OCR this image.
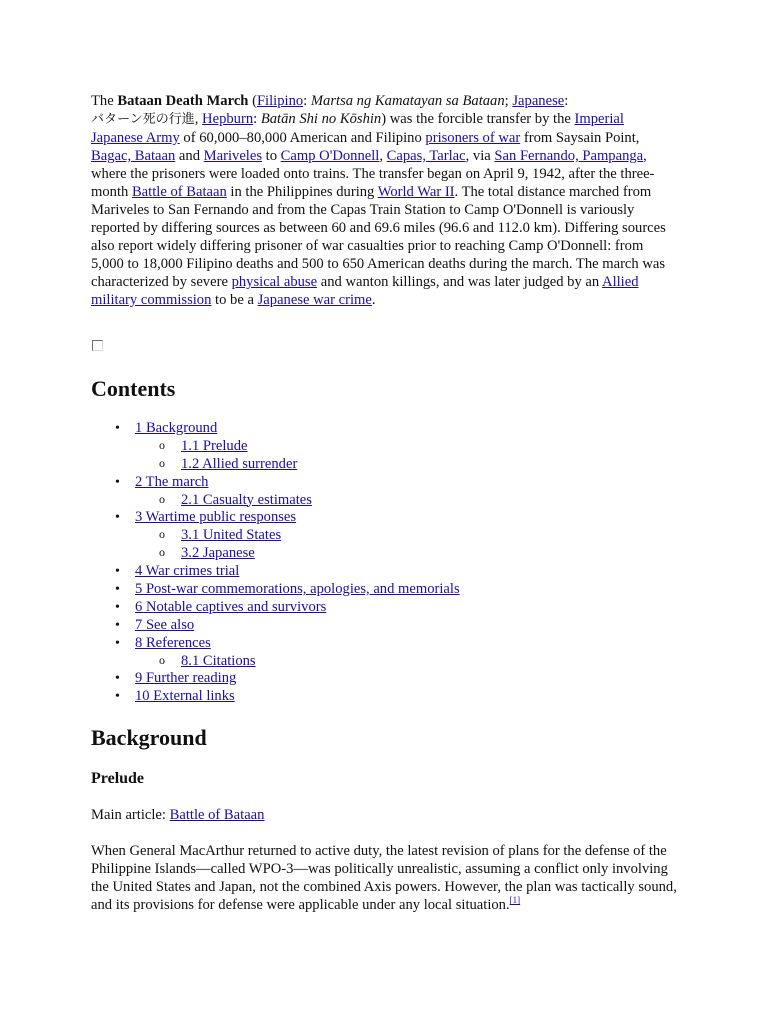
The Bataan Death March (Filipino: Martsa ng Kamatayan sa Bataan; Japanese:
バターン死の行進, Hepburn: Batān Shi no Kōshin) was the forcible transfer by the Imperial Japanese Army of 60,000–80,000 American and Filipino prisoners of war from Saysain Point, Bagac, Bataan and Mariveles to Camp O'Donnell, Capas, Tarlac, via San Fernando, Pampanga, where the prisoners were loaded onto trains. The transfer began on April 9, 1942, after the three-month Battle of Bataan in the Philippines during World War II. The total distance marched from Mariveles to San Fernando and from the Capas Train Station to Camp O'Donnell is variously reported by differing sources as between 60 and 69.6 miles (96.6 and 112.0 km). Differing sources also report widely differing prisoner of war casualties prior to reaching Camp O'Donnell: from 5,000 to 18,000 Filipino deaths and 500 to 650 American deaths during the march. The march was characterized by severe physical abuse and wanton killings, and was later judged by an Allied military commission to be a Japanese war crime.

Contents
• 1 Background
o 1.1 Prelude
o 1.2 Allied surrender
• 2 The march
o 2.1 Casualty estimates
• 3 Wartime public responses
o 3.1 United States
o 3.2 Japanese
• 4 War crimes trial
• 5 Post-war commemorations, apologies, and memorials
• 6 Notable captives and survivors
• 7 See also
• 8 References
o 8.1 Citations
• 9 Further reading
• 10 External links
Background
Prelude

Main article: Battle of Bataan

When General MacArthur returned to active duty, the latest revision of plans for the defense of the Philippine Islands—called WPO-3—was politically unrealistic, assuming a conflict only involving the United States and Japan, not the combined Axis powers. However, the plan was tactically sound, and its provisions for defense were applicable under any local situation.[1]
